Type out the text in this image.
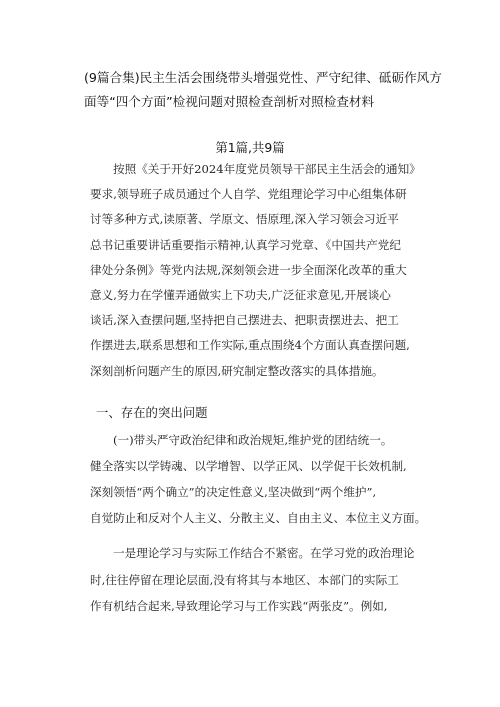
(9篇合集)民主生活会围绕带头增强党性、严守纪律、砥砺作风方
面等“四个方面”检视问题对照检查剖析对照检查材料
第1篇,共9篇
按照《关于开好2024年度党员领导干部民主生活会的通知》
要求,领导班子成员通过个人自学、党组理论学习中心组集体研
讨等多种方式,读原著、学原文、悟原理,深入学习领会习近平
总书记重要讲话重要指示精神,认真学习党章、《中国共产党纪
律处分条例》等党内法规,深刻领会进一步全面深化改革的重大
意义,努力在学懂弄通做实上下功夫,广泛征求意见,开展谈心
谈话,深入查摆问题,坚持把自己摆进去、把职责摆进去、把工
作摆进去,联系思想和工作实际,重点围绕4个方面认真查摆问题,
深刻剖析问题产生的原因,研究制定整改落实的具体措施。
一、存在的突出问题
(一)带头严守政治纪律和政治规矩,维护党的团结统一。
健全落实以学铸魂、以学增智、以学正风、以学促干长效机制,
深刻领悟“两个确立”的决定性意义,坚决做到“两个维护”,
自觉防止和反对个人主义、分散主义、自由主义、本位主义方面。
一是理论学习与实际工作结合不紧密。在学习党的政治理论
时,往往停留在理论层面,没有将其与本地区、本部门的实际工
作有机结合起来,导致理论学习与工作实践“两张皮”。例如,
